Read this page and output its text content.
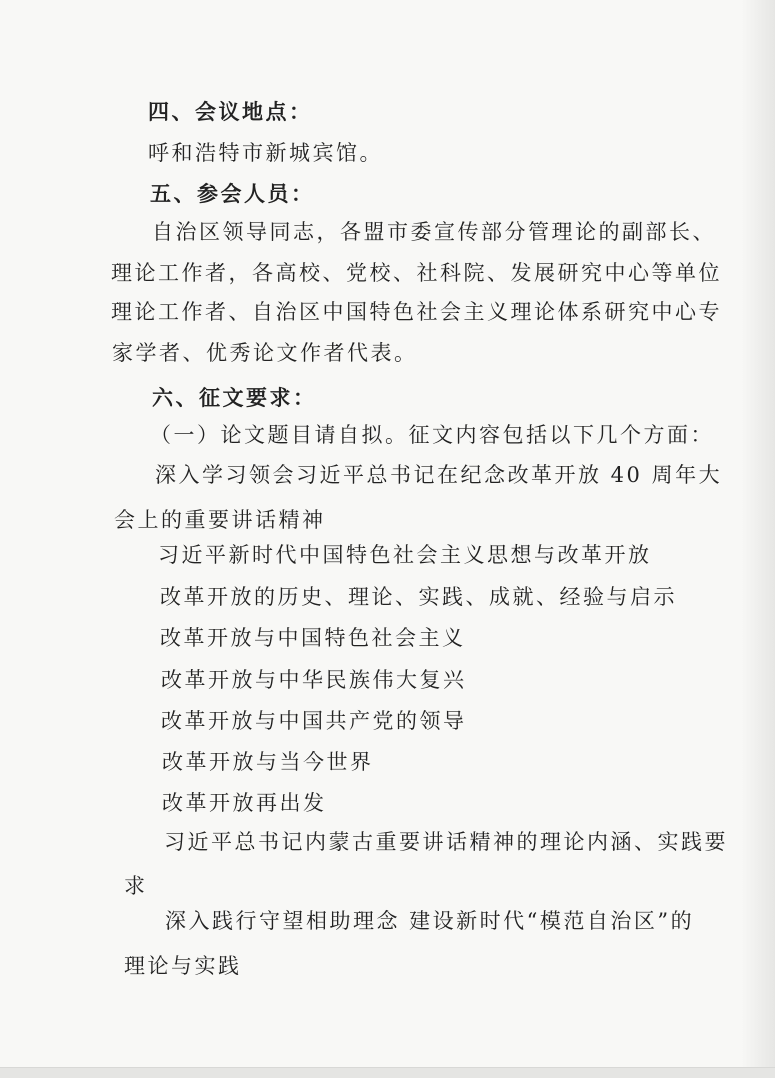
四、会议地点：
呼和浩特市新城宾馆。
五、参会人员：
自治区领导同志，各盟市委宣传部分管理论的副部长、
理论工作者，各高校、党校、社科院、发展研究中心等单位
理论工作者、自治区中国特色社会主义理论体系研究中心专
家学者、优秀论文作者代表。
六、征文要求：
（一）论文题目请自拟。征文内容包括以下几个方面：
深入学习领会习近平总书记在纪念改革开放 40 周年大
会上的重要讲话精神
习近平新时代中国特色社会主义思想与改革开放
改革开放的历史、理论、实践、成就、经验与启示
改革开放与中国特色社会主义
改革开放与中华民族伟大复兴
改革开放与中国共产党的领导
改革开放与当今世界
改革开放再出发
习近平总书记内蒙古重要讲话精神的理论内涵、实践要
求
深入践行守望相助理念 建设新时代“模范自治区”的
理论与实践
